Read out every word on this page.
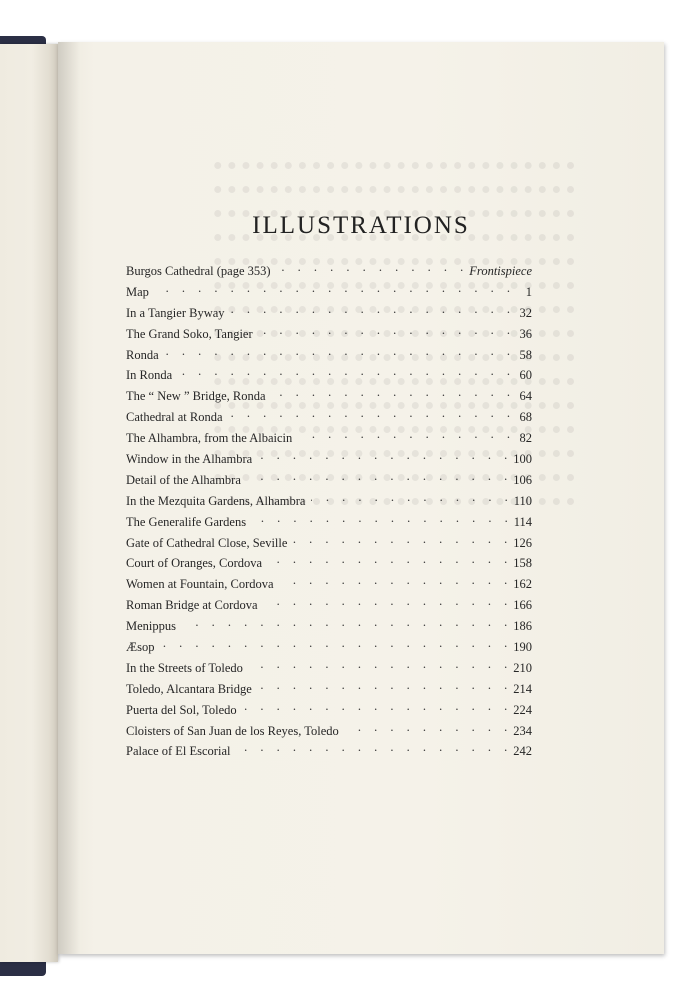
ILLUSTRATIONS
Burgos Cathedral (page 353) . . .	Frontispiece
Map . . .	1
In a Tangier Byway . . .	32
The Grand Soko, Tangier . . .	36
Ronda . . .	58
In Ronda . . .	60
The “ New ” Bridge, Ronda . . .	64
Cathedral at Ronda . . .	68
The Alhambra, from the Albaicin . . .	82
Window in the Alhambra . . .	100
Detail of the Alhambra . . .	106
In the Mezquita Gardens, Alhambra . . .	110
The Generalife Gardens . . .	114
Gate of Cathedral Close, Seville . . .	126
Court of Oranges, Cordova . . .	158
Women at Fountain, Cordova . . .	162
Roman Bridge at Cordova . . .	166
Menippus . . .	186
Æsop . . .	190
In the Streets of Toledo . . .	210
Toledo, Alcantara Bridge . . .	214
Puerta del Sol, Toledo . . .	224
Cloisters of San Juan de los Reyes, Toledo . . .	234
Palace of El Escorial . . .	242
